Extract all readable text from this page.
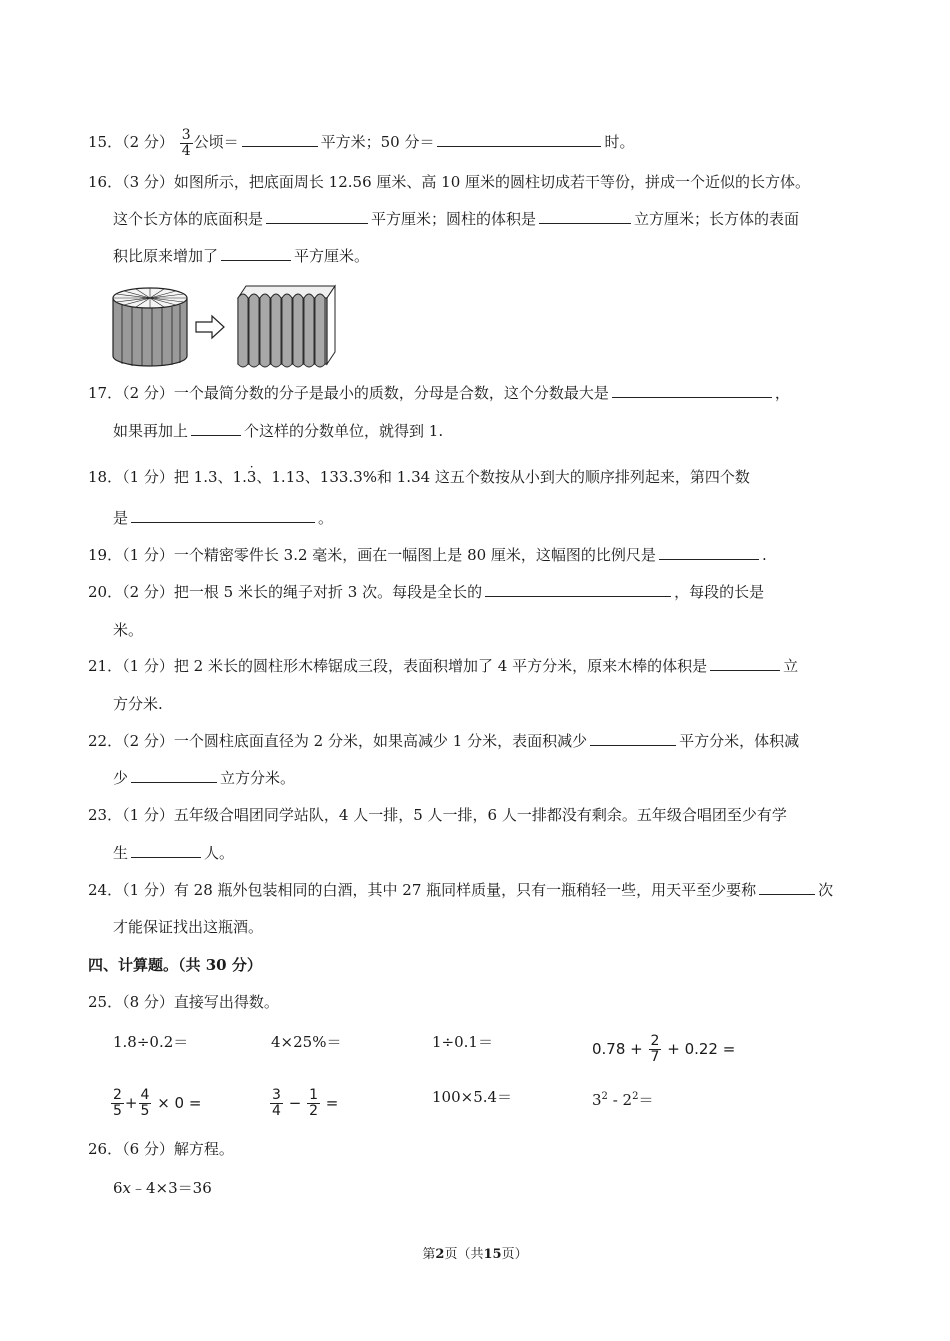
15．（2 分） $\frac{3}{4}$ 公顷＝	平方米；50 分＝	时。
16．（3 分）如图所示，把底面周长 12.56 厘米、高 10 厘米的圆柱切成若干等份，拼成一个近似的长方体。
这个长方体的底面积是	平方厘米；圆柱的体积是	立方厘米；长方体的表面
积比原来增加了	平方厘米。
17．（2 分）一个最简分数的分子是最小的质数，分母是合数，这个分数最大是	，
如果再加上	个这样的分数单位，就得到 1.
18．（1 分）把 1.3、1.· 3、1.13、133.3%和 1.34 这五个数按从小到大的顺序排列起来，第四个数
是	。
19．（1 分）一个精密零件长 3.2 毫米，画在一幅图上是 80 厘米，这幅图的比例尺是	.
20．（2 分）把一根 5 米长的绳子对折 3 次。每段是全长的	，每段的长是
米。
21．（1 分）把 2 米长的圆柱形木棒锯成三段，表面积增加了 4 平方分米，原来木棒的体积是	立
方分米.
22．（2 分）一个圆柱底面直径为 2 分米，如果高减少 1 分米，表面积减少	平方分米，体积减
少	立方分米。
23．（1 分）五年级合唱团同学站队，4 人一排，5 人一排，6 人一排都没有剩余。五年级合唱团至少有学
生	人。
24．（1 分）有 28 瓶外包装相同的白酒，其中 27 瓶同样质量，只有一瓶稍轻一些，用天平至少要称	次
才能保证找出这瓶酒。
四、计算题。（共 30 分）
25．（8 分）直接写出得数。
1.8÷0.2＝	4×25%＝	1÷0.1＝	$0.78 + \frac{2}{7} + 0.22$ =
$\frac{2}{5} + \frac{4}{5} \times 0$ =	$\frac{3}{4} - \frac{1}{2}$ =	100×5.4＝	$3^2 - 2^2=$
26．（6 分）解方程。
6x﹣4×3＝36
第2页（共15页）
